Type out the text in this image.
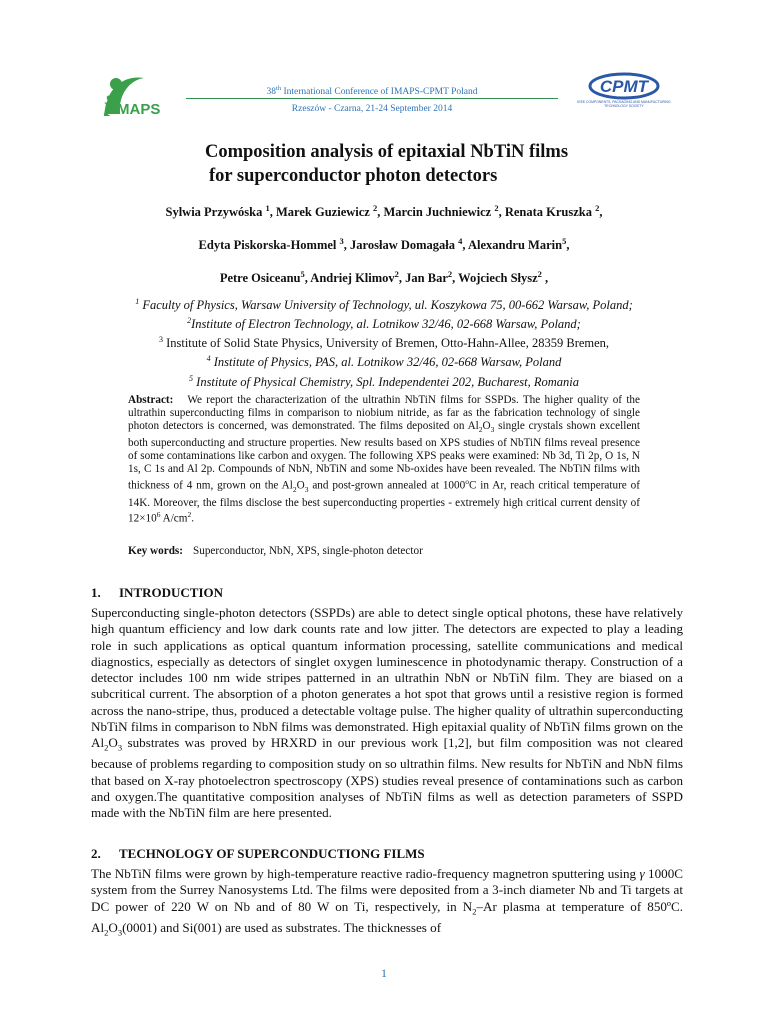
i MAPS
38th International Conference of IMAPS-CPMT Poland
Rzeszów - Czarna, 21-24 September 2014
CPMT
IEEE COMPONENTS, PACKAGING AND MANUFACTURING TECHNOLOGY SOCIETY
Composition analysis of epitaxial NbTiN films
for superconductor photon detectors
Sylwia Przywóska $^1$, Marek Guziewicz $^2$, Marcin Juchniewicz $^2$, Renata Kruszka $^2$,
Edyta Piskorska-Hommel $^3$, Jarosław Domagała $^4$, Alexandru Marin$^5$,
Petre Osiceanu$^5$, Andriej Klimov$^2$, Jan Bar$^2$, Wojciech Słysz$^2$ ,
$^1$ Faculty of Physics, Warsaw University of Technology, ul. Koszykowa 75, 00-662 Warsaw, Poland;
$^2$Institute of Electron Technology, al. Lotnikow 32/46, 02-668 Warsaw, Poland;
$^3$ Institute of Solid State Physics, University of Bremen, Otto-Hahn-Allee, 28359 Bremen,
$^4$ Institute of Physics, PAS, al. Lotnikow 32/46, 02-668 Warsaw, Poland
$^5$ Institute of Physical Chemistry, Spl. Independentei 202, Bucharest, Romania
Abstract: We report the characterization of the ultrathin NbTiN films for SSPDs. The higher quality of the ultrathin superconducting films in comparison to niobium nitride, as far as the fabrication technology of single photon detectors is concerned, was demonstrated. The films deposited on $Al_2O_3$ single crystals shown excellent both superconducting and structure properties. New results based on XPS studies of NbTiN films reveal presence of some contaminations like carbon and oxygen. The following XPS peaks were examined: Nb 3d, Ti 2p, O 1s, N 1s, C 1s and Al 2p. Compounds of NbN, NbTiN and some Nb-oxides have been revealed. The NbTiN films with thickness of 4 nm, grown on the $Al_2O_3$ and post-grown annealed at 1000$^o$C in Ar, reach critical temperature of 14K. Moreover, the films disclose the best superconducting properties - extremely high critical current density of $12\times 10^6$ $A/cm^2$.
Key words: Superconductor, NbN, XPS, single-photon detector
1. INTRODUCTION
Superconducting single-photon detectors (SSPDs) are able to detect single optical photons, these have relatively high quantum efficiency and low dark counts rate and low jitter. The detectors are expected to play a leading role in such applications as optical quantum information processing, satellite communications and medical diagnostics, especially as detectors of singlet oxygen luminescence in photodynamic therapy. Construction of a detector includes 100 nm wide stripes patterned in an ultrathin NbN or NbTiN film. They are biased on a subcritical current. The absorption of a photon generates a hot spot that grows until a resistive region is formed across the nano-stripe, thus, produced a detectable voltage pulse. The higher quality of ultrathin superconducting NbTiN films in comparison to NbN films was demonstrated. High epitaxial quality of NbTiN films grown on the $Al_2O_3$ substrates was proved by HRXRD in our previous work [1,2], but film composition was not cleared because of problems regarding to composition study on so ultrathin films. New results for NbTiN and NbN films that based on X-ray photoelectron spectroscopy (XPS) studies reveal presence of contaminations such as carbon and oxygen.The quantitative composition analyses of NbTiN films as well as detection parameters of SSPD made with the NbTiN film are here presented.
2. TECHNOLOGY OF SUPERCONDUCTIONG FILMS
The NbTiN films were grown by high-temperature reactive radio-frequency magnetron sputtering using γ 1000C system from the Surrey Nanosystems Ltd. The films were deposited from a 3-inch diameter Nb and Ti targets at DC power of 220 W on Nb and of 80 W on Ti, respectively, in $N_2-Ar$ plasma at temperature of 850ºC. $Al_2O_3(0001)$ and Si(001) are used as substrates. The thicknesses of
1
